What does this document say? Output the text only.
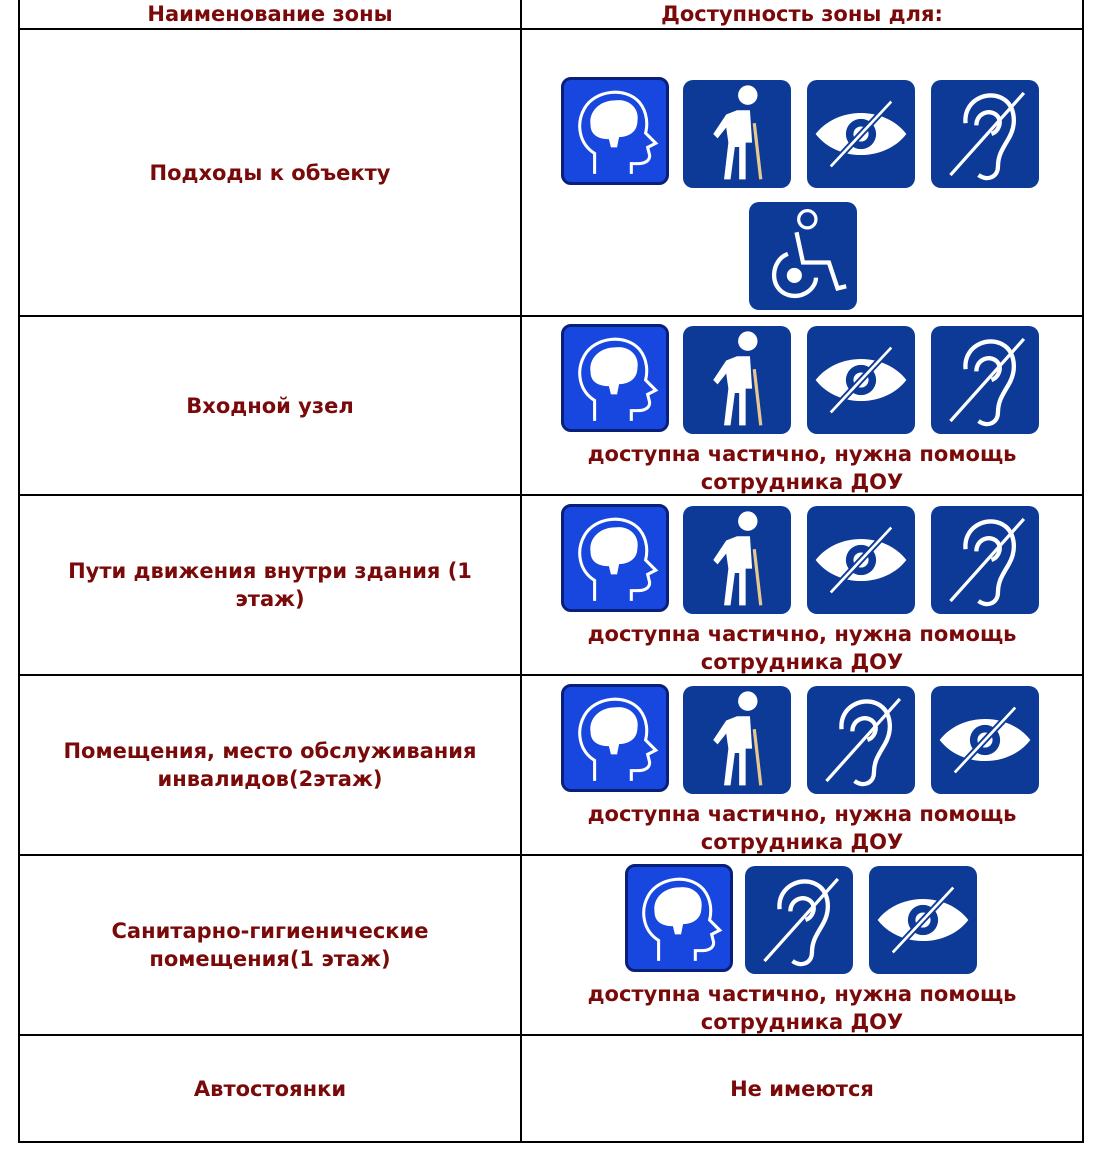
Наименование зоны	Доступность зоны для:
Подходы к объекту
Входной узел
Пути движения внутри здания (1 этаж)
Помещения, место обслуживания инвалидов(2этаж)
Санитарно-гигиенические помещения(1 этаж)
Автостоянки
доступна частично, нужна помощь сотрудника ДОУ
доступна частично, нужна помощь сотрудника ДОУ
доступна частично, нужна помощь сотрудника ДОУ
доступна частично, нужна помощь сотрудника ДОУ
Не имеются
